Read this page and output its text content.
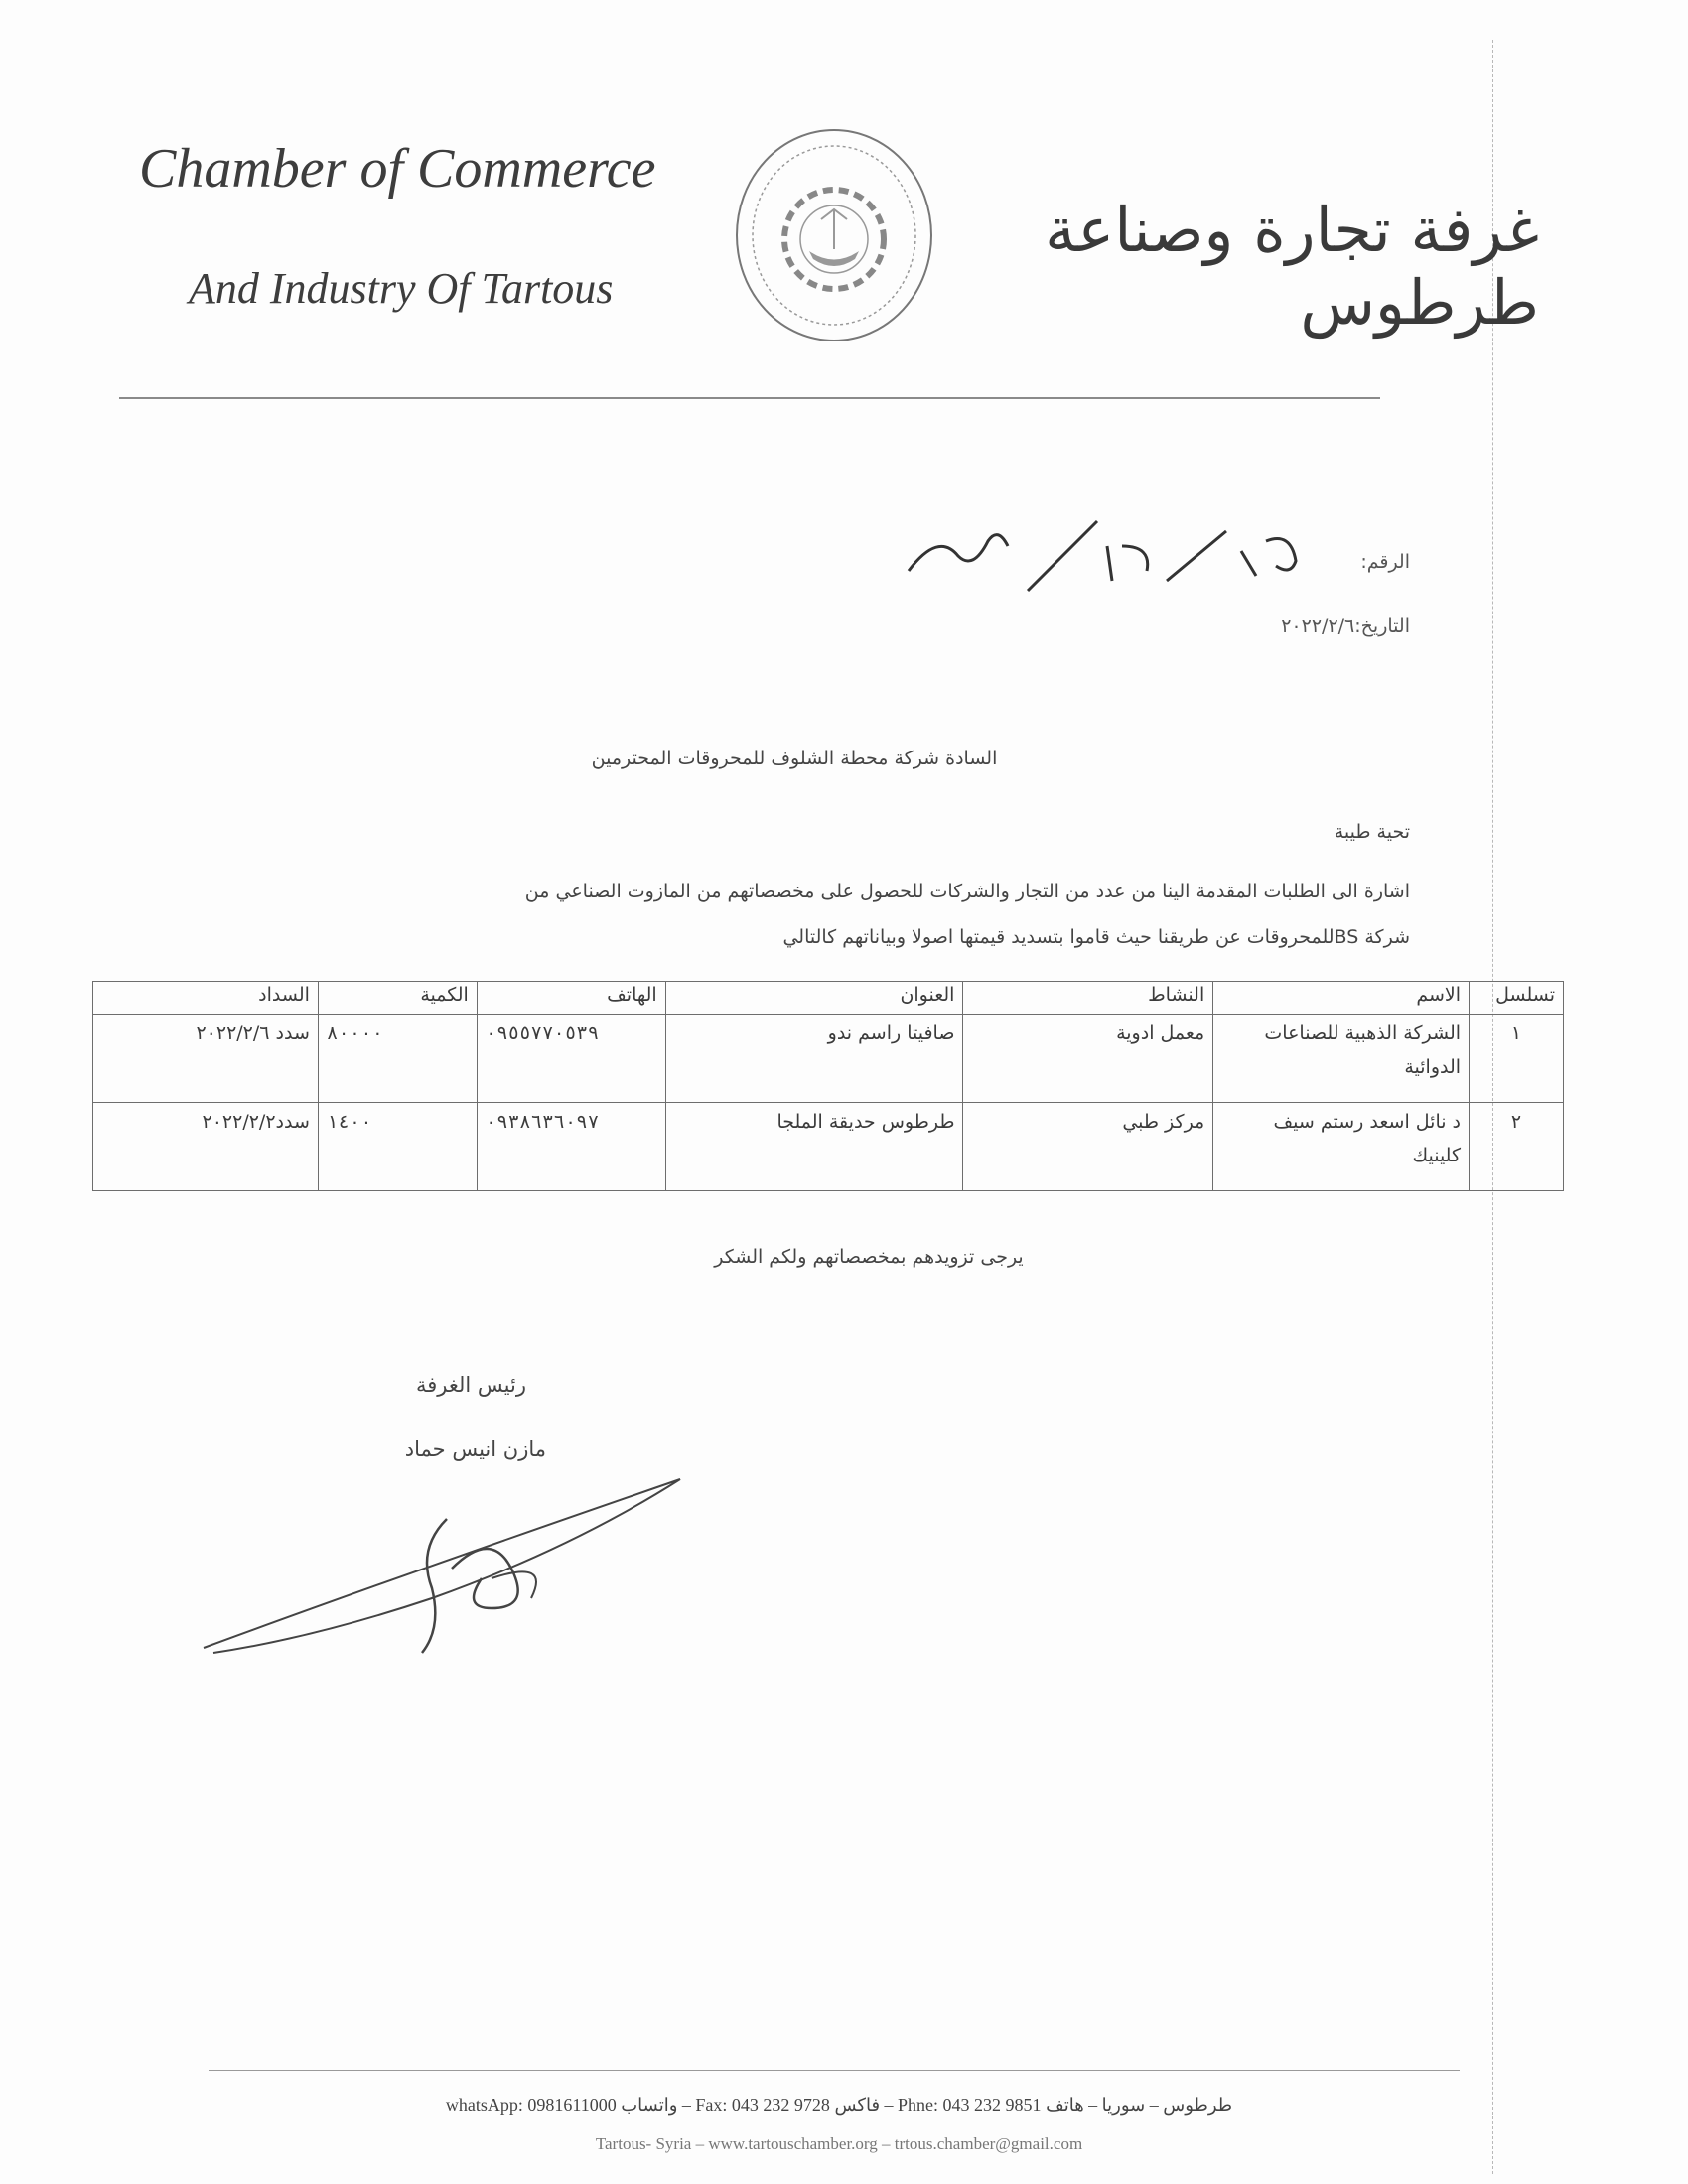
Chamber of Commerce
And Industry Of Tartous
غرفة تجارة وصناعة طرطوس
الرقم:
التاريخ:٢٠٢٢/٢/٦
السادة شركة محطة الشلوف للمحروقات المحترمين
تحية طيبة
اشارة الى الطلبات المقدمة الينا من عدد من التجار والشركات للحصول على مخصصاتهم من المازوت الصناعي من
شركة BSللمحروقات عن طريقنا حيث قاموا بتسديد قيمتها اصولا وبياناتهم كالتالي
تسلسل	الاسم	النشاط	العنوان	الهاتف	الكمية	السداد
١	الشركة الذهبية للصناعات الدوائية	معمل ادوية	صافيتا راسم ندو	٠٩٥٥٧٧٠٥٣٩	٨٠٠٠٠	سدد ٢٠٢٢/٢/٦
٢	د نائل اسعد رستم سيف كلينيك	مركز طبي	طرطوس حديقة الملجا	٠٩٣٨٦٣٦٠٩٧	١٤٠٠	سدد٢٠٢٢/٢/٢
يرجى تزويدهم بمخصصاتهم ولكم الشكر
رئيس الغرفة
مازن انيس حماد
طرطوس – سوريا – هاتف Phne: 043 232 9851 – فاكس Fax: 043 232 9728 – واتساب whatsApp: 0981611000
Tartous- Syria – www.tartouschamber.org – trtous.chamber@gmail.com
